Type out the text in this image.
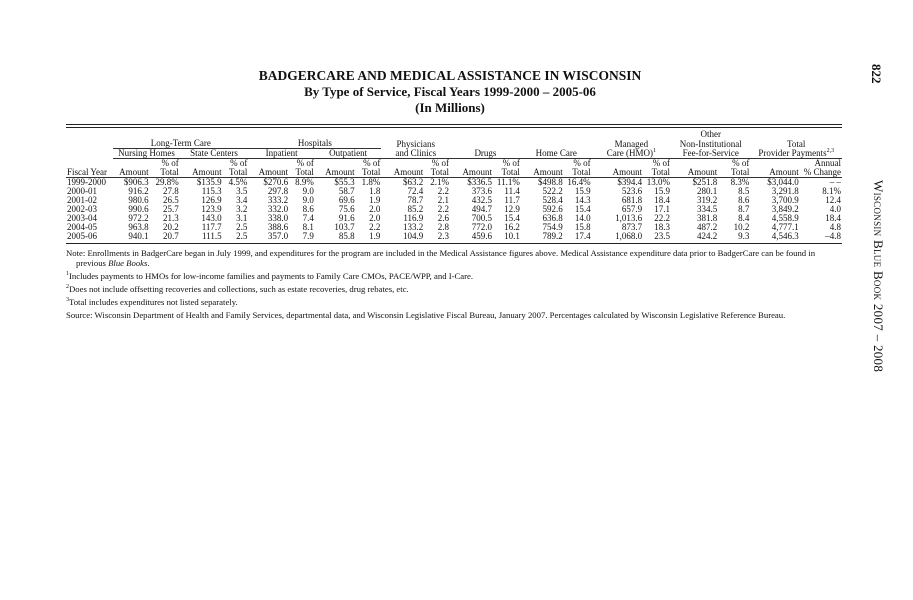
822
Wisconsin Blue Book 2007 – 2008
BADGERCARE AND MEDICAL ASSISTANCE IN WISCONSIN
By Type of Service, Fiscal Years 1999-2000 – 2005-06
(In Millions)
																	Other			
	Long-Term Care				Hospitals				Physicians						Managed		Non-Institutional		Total	
	Nursing Homes		State Centers		Inpatient		Outpatient		and Clinics		Drugs		Home Care		Care (HMO)$^1$		Fee-for-Service		Provider Payments$^{2,3}$
		% of		% of		% of		% of		% of		% of		% of		% of		% of		Annual
Fiscal Year	Amount	Total	Amount	Total	Amount	Total	Amount	Total	Amount	Total	Amount	Total	Amount	Total	Amount	Total	Amount	Total	Amount	% Change
1999-2000	$906.3	29.8%	$135.9	4.5%	$270.6	8.9%	$55.3	1.8%	$63.2	2.1%	$336.5	11.1%	$498.8	16.4%	$394.4	13.0%	$251.8	8.3%	$3,044.0	– –
2000-01	916.2	27.8	115.3	3.5	297.8	9.0	58.7	1.8	72.4	2.2	373.6	11.4	522.2	15.9	523.6	15.9	280.1	8.5	3,291.8	8.1%
2001-02	980.6	26.5	126.9	3.4	333.2	9.0	69.6	1.9	78.7	2.1	432.5	11.7	528.4	14.3	681.8	18.4	319.2	8.6	3,700.9	12.4
2002-03	990.6	25.7	123.9	3.2	332.0	8.6	75.6	2.0	85.2	2.2	494.7	12.9	592.6	15.4	657.9	17.1	334.5	8.7	3,849.2	4.0
2003-04	972.2	21.3	143.0	3.1	338.0	7.4	91.6	2.0	116.9	2.6	700.5	15.4	636.8	14.0	1,013.6	22.2	381.8	8.4	4,558.9	18.4
2004-05	963.8	20.2	117.7	2.5	388.6	8.1	103.7	2.2	133.2	2.8	772.0	16.2	754.9	15.8	873.7	18.3	487.2	10.2	4,777.1	4.8
2005-06	940.1	20.7	111.5	2.5	357.0	7.9	85.8	1.9	104.9	2.3	459.6	10.1	789.2	17.4	1,068.0	23.5	424.2	9.3	4,546.3	–4.8
Note: Enrollments in BadgerCare began in July 1999, and expenditures for the program are included in the Medical Assistance figures above. Medical Assistance expenditure data prior to BadgerCare can be found in previous Blue Books.
$^1$Includes payments to HMOs for low-income families and payments to Family Care CMOs, PACE/WPP, and I-Care.
$^2$Does not include offsetting recoveries and collections, such as estate recoveries, drug rebates, etc.
$^3$Total includes expenditures not listed separately.
Source: Wisconsin Department of Health and Family Services, departmental data, and Wisconsin Legislative Fiscal Bureau, January 2007. Percentages calculated by Wisconsin Legislative Reference Bureau.
